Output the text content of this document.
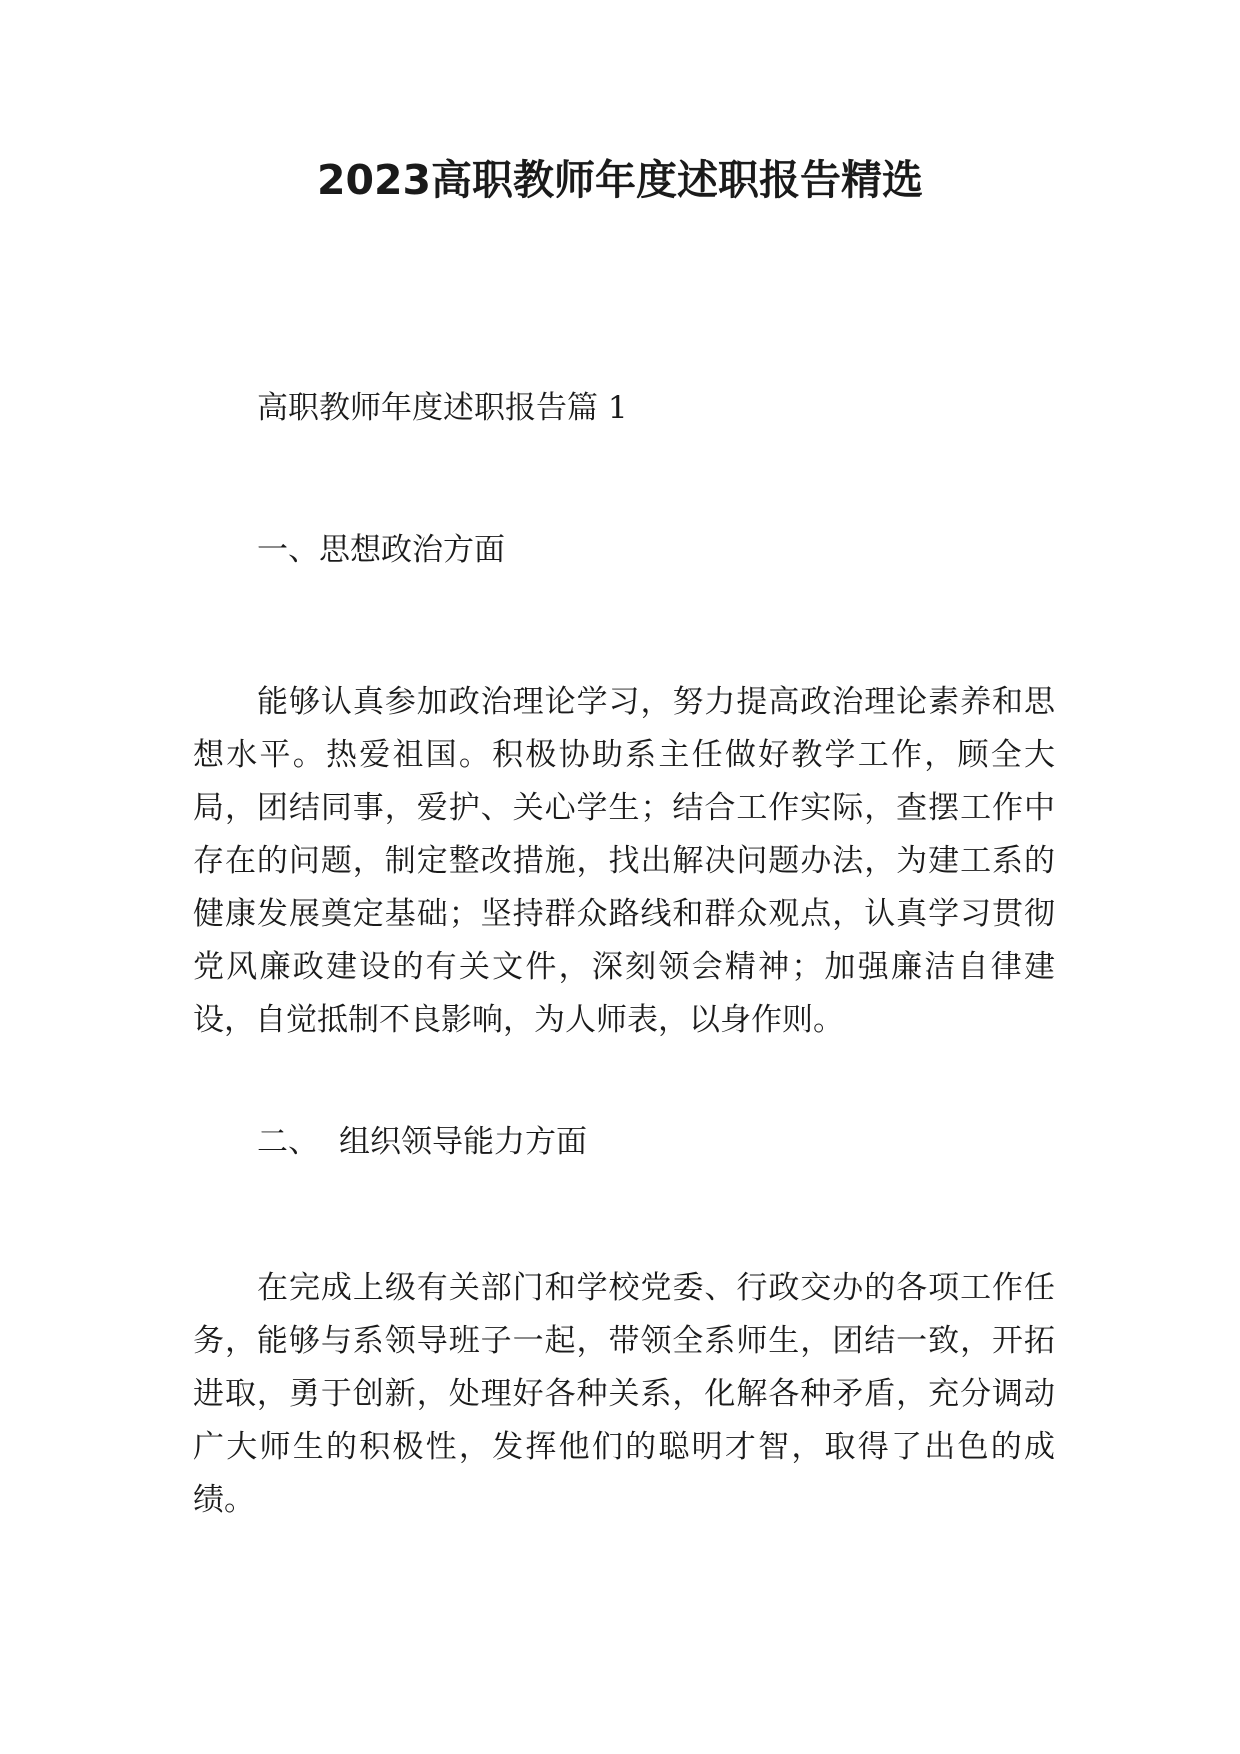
2023高职教师年度述职报告精选

高职教师年度述职报告篇 1

一、思想政治方面

能够认真参加政治理论学习，努力提高政治理论素养和思想水平。热爱祖国。积极协助系主任做好教学工作，顾全大局，团结同事，爱护、关心学生；结合工作实际，查摆工作中存在的问题，制定整改措施，找出解决问题办法，为建工系的健康发展奠定基础；坚持群众路线和群众观点，认真学习贯彻党风廉政建设的有关文件，深刻领会精神；加强廉洁自律建设，自觉抵制不良影响，为人师表，以身作则。

二、 组织领导能力方面

在完成上级有关部门和学校党委、行政交办的各项工作任务，能够与系领导班子一起，带领全系师生，团结一致，开拓进取，勇于创新，处理好各种关系，化解各种矛盾，充分调动广大师生的积极性，发挥他们的聪明才智，取得了出色的成绩。
